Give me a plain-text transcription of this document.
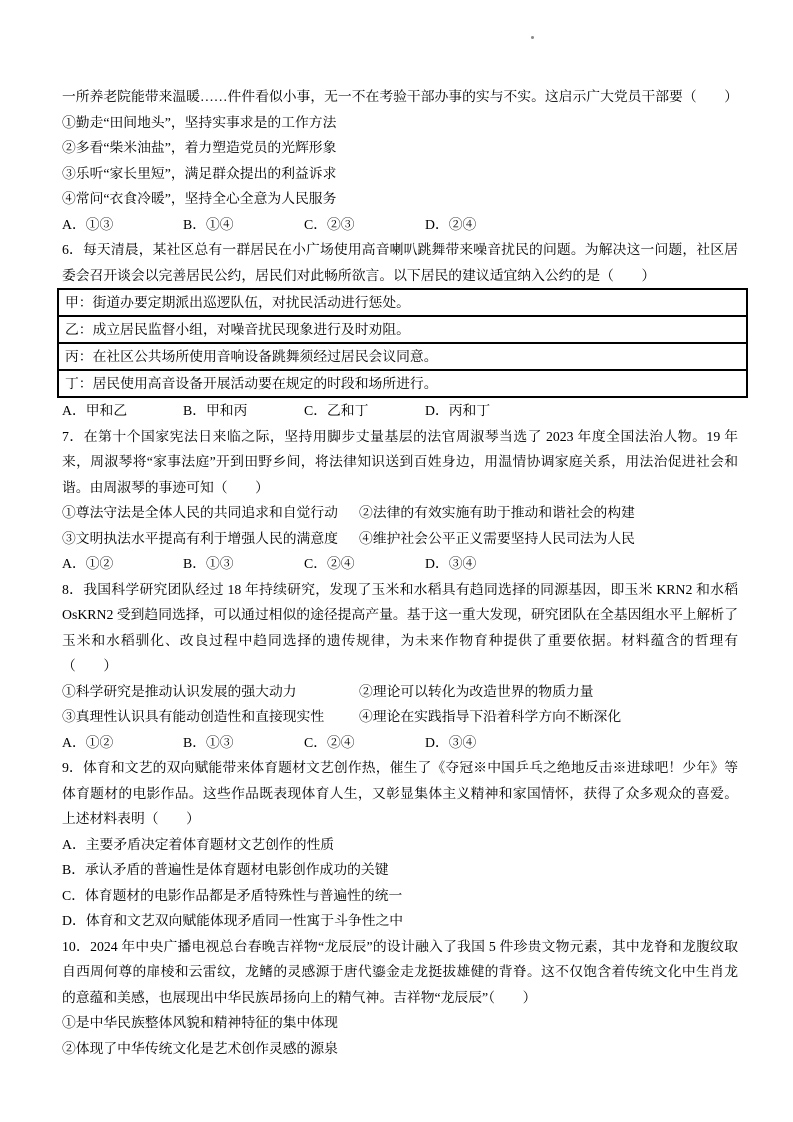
一所养老院能带来温暖……件件看似小事，无一不在考验干部办事的实与不实。这启示广大党员干部要（　　）

①勤走“田间地头”，坚持实事求是的工作方法

②多看“柴米油盐”，着力塑造党员的光辉形象

③乐听“家长里短”，满足群众提出的利益诉求

④常问“衣食冷暖”，坚持全心全意为人民服务

A．①③	B．①④	C．②③	D．②④

6．每天清晨，某社区总有一群居民在小广场使用高音喇叭跳舞带来噪音扰民的问题。为解决这一问题，社区居委会召开谈会以完善居民公约，居民们对此畅所欲言。以下居民的建议适宜纳入公约的是（　　）

甲：街道办要定期派出巡逻队伍，对扰民活动进行惩处。
乙：成立居民监督小组，对噪音扰民现象进行及时劝阻。
丙：在社区公共场所使用音响设备跳舞须经过居民会议同意。
丁：居民使用高音设备开展活动要在规定的时段和场所进行。
A．甲和乙	B．甲和丙	C．乙和丁	D．丙和丁

7．在第十个国家宪法日来临之际，坚持用脚步丈量基层的法官周淑琴当选了 2023 年度全国法治人物。19 年来，周淑琴将“家事法庭”开到田野乡间，将法律知识送到百姓身边，用温情协调家庭关系，用法治促进社会和谐。由周淑琴的事迹可知（　　）

①尊法守法是全体人民的共同追求和自觉行动	②法律的有效实施有助于推动和谐社会的构建
③文明执法水平提高有利于增强人民的满意度	④维护社会公平正义需要坚持人民司法为人民
A．①②	B．①③	C．②④	D．③④

8．我国科学研究团队经过 18 年持续研究，发现了玉米和水稻具有趋同选择的同源基因，即玉米 KRN2 和水稻 OsKRN2 受到趋同选择，可以通过相似的途径提高产量。基于这一重大发现，研究团队在全基因组水平上解析了玉米和水稻驯化、改良过程中趋同选择的遗传规律，为未来作物育种提供了重要依据。材料蕴含的哲理有（　　）

①科学研究是推动认识发展的强大动力	②理论可以转化为改造世界的物质力量
③真理性认识具有能动创造性和直接现实性	④理论在实践指导下沿着科学方向不断深化
A．①②	B．①③	C．②④	D．③④

9．体育和文艺的双向赋能带来体育题材文艺创作热，催生了《夺冠※中国乒乓之绝地反击※进球吧！少年》等体育题材的电影作品。这些作品既表现体育人生，又彰显集体主义精神和家国情怀，获得了众多观众的喜爱。上述材料表明（　　）

A．主要矛盾决定着体育题材文艺创作的性质

B．承认矛盾的普遍性是体育题材电影创作成功的关键

C．体育题材的电影作品都是矛盾特殊性与普遍性的统一

D．体育和文艺双向赋能体现矛盾同一性寓于斗争性之中

10．2024 年中央广播电视总台春晚吉祥物“龙辰辰”的设计融入了我国 5 件珍贵文物元素，其中龙脊和龙腹纹取自西周何尊的扉棱和云雷纹，龙鳍的灵感源于唐代鎏金走龙挺拔雄健的背脊。这不仅饱含着传统文化中生肖龙的意蕴和美感，也展现出中华民族昂扬向上的精气神。吉祥物“龙辰辰”（　　）

①是中华民族整体风貌和精神特征的集中体现

②体现了中华传统文化是艺术创作灵感的源泉
